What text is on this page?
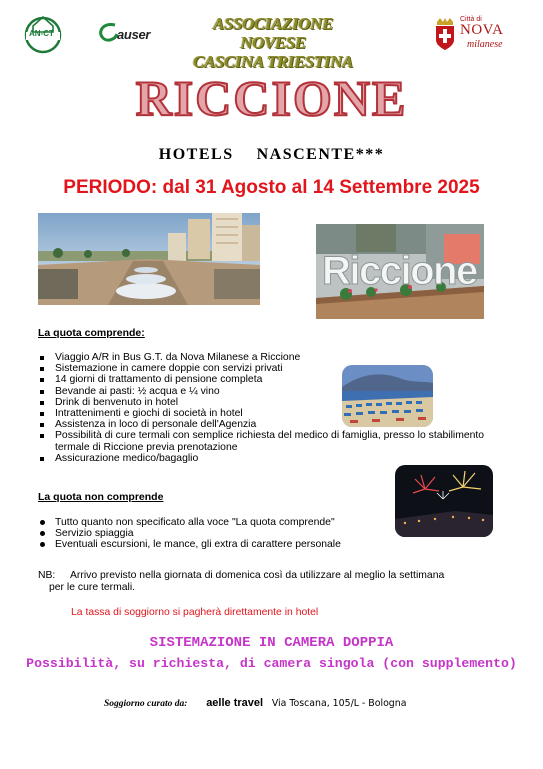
AN-CT	auser
ASSOCIAZIONE NOVESE
CASCINA TRIESTINA
Città di
NOVA
milanese
RICCIONE
HOTELS  NASCENTE***
PERIODO: dal 31 Agosto al 14 Settembre 2025
Riccione
La quota comprende:
Viaggio A/R in Bus G.T. da Nova Milanese a Riccione
Sistemazione in camere doppie con servizi privati
14 giorni di trattamento di pensione completa
Bevande ai pasti: ½ acqua e ¼ vino
Drink di benvenuto in hotel
Intrattenimenti e giochi di società in hotel
Assistenza in loco di personale dell'Agenzia
Possibilità di cure termali con semplice richiesta del medico di famiglia, presso lo stabilimento termale di Riccione previa prenotazione
Assicurazione medico/bagaglio
La quota non comprende
Tutto quanto non specificato alla voce "La quota comprende"
Servizio spiaggia
Eventuali escursioni, le mance, gli extra di carattere personale
NB: Arrivo previsto nella giornata di domenica così da utilizzare al meglio la settimana
per le cure termali.
La tassa di soggiorno si pagherà direttamente in hotel
SISTEMAZIONE IN CAMERA DOPPIA
Possibilità, su richiesta, di camera singola (con supplemento)
Soggiorno curato da: aelle travel Via Toscana, 105/L - Bologna
